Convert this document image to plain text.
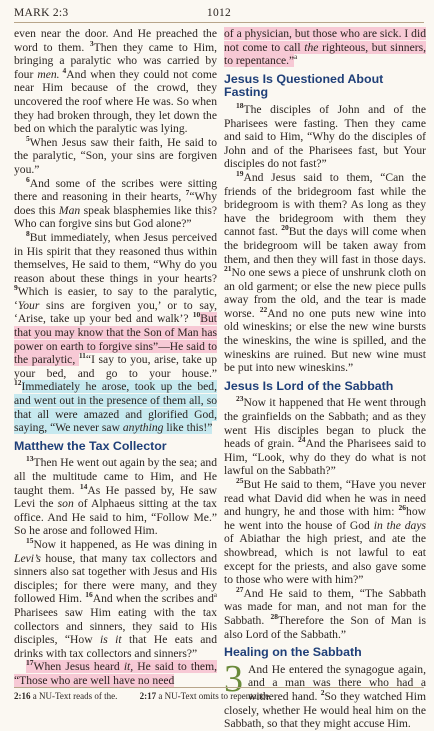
MARK 2:3	1012

even near the door. And He preached the word to them. $^3$Then they came to Him, bringing a paralytic who was carried by four men. $^4$And when they could not come near Him because of the crowd, they uncovered the roof where He was. So when they had broken through, they let down the bed on which the paralytic was lying.

$^5$When Jesus saw their faith, He said to the paralytic, “Son, your sins are forgiven you.”

$^6$And some of the scribes were sitting there and reasoning in their hearts, $^7$“Why does this Man speak blasphemies like this? Who can forgive sins but God alone?”

$^8$But immediately, when Jesus perceived in His spirit that they reasoned thus within themselves, He said to them, “Why do you reason about these things in your hearts? $^9$Which is easier, to say to the paralytic, ‘Your sins are forgiven you,’ or to say, ‘Arise, take up your bed and walk’? $^{10}$But that you may know that the Son of Man has power on earth to forgive sins”—He said to the paralytic, $^{11}$“I say to you, arise, take up your bed, and go to your house.” $^{12}$Immediately he arose, took up the bed, and went out in the presence of them all, so that all were amazed and glorified God, saying, “We never saw anything like this!”

Matthew the Tax Collector

$^{13}$Then He went out again by the sea; and all the multitude came to Him, and He taught them. $^{14}$As He passed by, He saw Levi the son of Alphaeus sitting at the tax office. And He said to him, “Follow Me.” So he arose and followed Him.

$^{15}$Now it happened, as He was dining in Levi’s house, that many tax collectors and sinners also sat together with Jesus and His disciples; for there were many, and they followed Him. $^{16}$And when the scribes and$^a$ Pharisees saw Him eating with the tax collectors and sinners, they said to His disciples, “How is it that He eats and drinks with tax collectors and sinners?”

$^{17}$When Jesus heard it, He said to them, “Those who are well have no need

of a physician, but those who are sick. I did not come to call the righteous, but sinners, to repentance.”$^a$

Jesus Is Questioned About Fasting

$^{18}$The disciples of John and of the Pharisees were fasting. Then they came and said to Him, “Why do the disciples of John and of the Pharisees fast, but Your disciples do not fast?”

$^{19}$And Jesus said to them, “Can the friends of the bridegroom fast while the bridegroom is with them? As long as they have the bridegroom with them they cannot fast. $^{20}$But the days will come when the bridegroom will be taken away from them, and then they will fast in those days. $^{21}$No one sews a piece of unshrunk cloth on an old garment; or else the new piece pulls away from the old, and the tear is made worse. $^{22}$And no one puts new wine into old wineskins; or else the new wine bursts the wineskins, the wine is spilled, and the wineskins are ruined. But new wine must be put into new wineskins.”

Jesus Is Lord of the Sabbath

$^{23}$Now it happened that He went through the grainfields on the Sabbath; and as they went His disciples began to pluck the heads of grain. $^{24}$And the Pharisees said to Him, “Look, why do they do what is not lawful on the Sabbath?”

$^{25}$But He said to them, “Have you never read what David did when he was in need and hungry, he and those with him: $^{26}$how he went into the house of God in the days of Abiathar the high priest, and ate the showbread, which is not lawful to eat except for the priests, and also gave some to those who were with him?”

$^{27}$And He said to them, “The Sabbath was made for man, and not man for the Sabbath. $^{28}$Therefore the Son of Man is also Lord of the Sabbath.”

Healing on the Sabbath

3 And He entered the synagogue again, and a man was there who had a withered hand. $^2$So they watched Him closely, whether He would heal him on the Sabbath, so that they might accuse Him.

2:16 a NU-Text reads of the. 2:17 a NU-Text omits to repentance.
